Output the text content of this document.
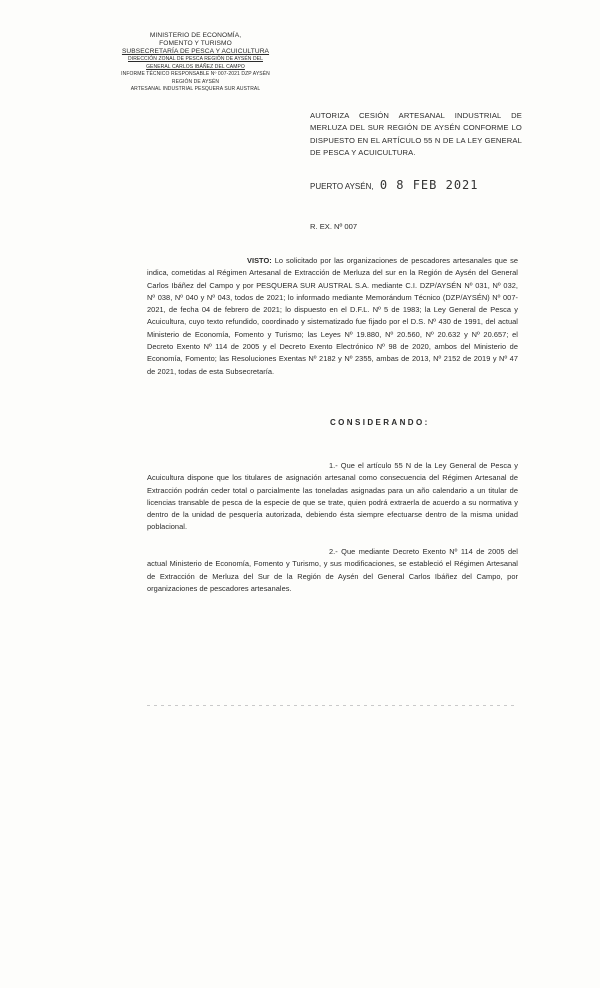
MINISTERIO DE ECONOMÍA,
FOMENTO Y TURISMO
SUBSECRETARÍA DE PESCA Y ACUICULTURA
DIRECCIÓN ZONAL DE PESCA REGIÓN DE AYSÉN DEL
GENERAL CARLOS IBÁÑEZ DEL CAMPO
INFORME TÉCNICO RESPONSABLE Nº 007-2021 DZP AYSÉN
REGIÓN DE AYSÉN
ARTESANAL INDUSTRIAL PESQUERA SUR AUSTRAL
AUTORIZA CESIÓN ARTESANAL INDUSTRIAL DE MERLUZA DEL SUR REGIÓN DE AYSÉN CONFORME LO DISPUESTO EN EL ARTÍCULO 55 N DE LA LEY GENERAL DE PESCA Y ACUICULTURA.
PUERTO AYSÉN, 0 8 FEB 2021
R. EX. Nº 007
VISTO: Lo solicitado por las organizaciones de pescadores artesanales que se indica, cometidas al Régimen Artesanal de Extracción de Merluza del sur en la Región de Aysén del General Carlos Ibáñez del Campo y por PESQUERA SUR AUSTRAL S.A. mediante C.I. DZP/AYSÉN Nº 031, Nº 032, Nº 038, Nº 040 y Nº 043, todos de 2021; lo informado mediante Memorándum Técnico (DZP/AYSÉN) Nº 007-2021, de fecha 04 de febrero de 2021; lo dispuesto en el D.F.L. Nº 5 de 1983; la Ley General de Pesca y Acuicultura, cuyo texto refundido, coordinado y sistematizado fue fijado por el D.S. Nº 430 de 1991, del actual Ministerio de Economía, Fomento y Turismo; las Leyes Nº 19.880, Nº 20.560, Nº 20.632 y Nº 20.657; el Decreto Exento Nº 114 de 2005 y el Decreto Exento Electrónico Nº 98 de 2020, ambos del Ministerio de Economía, Fomento; las Resoluciones Exentas Nº 2182 y Nº 2355, ambas de 2013, Nº 2152 de 2019 y Nº 47 de 2021, todas de esta Subsecretaría.
CONSIDERANDO:
1.- Que el artículo 55 N de la Ley General de Pesca y Acuicultura dispone que los titulares de asignación artesanal como consecuencia del Régimen Artesanal de Extracción podrán ceder total o parcialmente las toneladas asignadas para un año calendario a un titular de licencias transable de pesca de la especie de que se trate, quien podrá extraerla de acuerdo a su normativa y dentro de la unidad de pesquería autorizada, debiendo ésta siempre efectuarse dentro de la misma unidad poblacional.
2.- Que mediante Decreto Exento Nº 114 de 2005 del actual Ministerio de Economía, Fomento y Turismo, y sus modificaciones, se estableció el Régimen Artesanal de Extracción de Merluza del Sur de la Región de Aysén del General Carlos Ibáñez del Campo, por organizaciones de pescadores artesanales.
